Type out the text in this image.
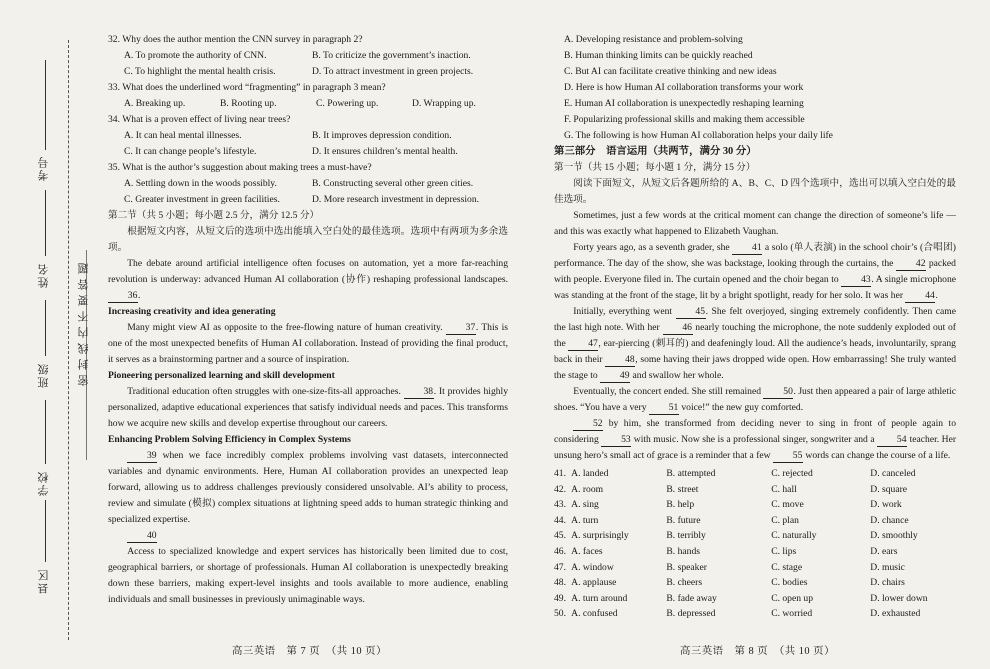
考号
姓名
班级
学校
县区
密封线内不要答题

32. Why does the author mention the CNN survey in paragraph 2?

A. To promote the authority of CNN.	B. To criticize the government’s inaction.
C. To highlight the mental health crisis.	D. To attract investment in green projects.

33. What does the underlined word “fragmenting” in paragraph 3 mean?

A. Breaking up.	B. Rooting up.	C. Powering up.	D. Wrapping up.

34. What is a proven effect of living near trees?

A. It can heal mental illnesses.	B. It improves depression condition.
C. It can change people’s lifestyle.	D. It ensures children’s mental health.

35. What is the author’s suggestion about making trees a must-have?

A. Settling down in the woods possibly.	B. Constructing several other green cities.
C. Greater investment in green facilities.	D. More research investment in depression.

第二节（共 5 小题；每小题 2.5 分，满分 12.5 分）

根据短文内容，从短文后的选项中选出能填入空白处的最佳选项。选项中有两项为多余选项。

The debate around artificial intelligence often focuses on automation, yet a more far-reaching revolution is underway: advanced Human AI collaboration (协作) reshaping professional landscapes. 36.

Increasing creativity and idea generating

Many might view AI as opposite to the free-flowing nature of human creativity. 37. This is one of the most unexpected benefits of Human AI collaboration. Instead of providing the final product, it serves as a brainstorming partner and a source of inspiration.

Pioneering personalized learning and skill development

Traditional education often struggles with one-size-fits-all approaches. 38. It provides highly personalized, adaptive educational experiences that satisfy individual needs and paces. This transforms how we acquire new skills and develop expertise throughout our careers.

Enhancing Problem Solving Efficiency in Complex Systems

39 when we face incredibly complex problems involving vast datasets, interconnected variables and dynamic environments. Here, Human AI collaboration provides an unexpected leap forward, allowing us to address challenges previously considered unsolvable. AI’s ability to process, review and simulate (模拟) complex situations at lightning speed adds to human strategic thinking and specialized expertise.

40

Access to specialized knowledge and expert services has historically been limited due to cost, geographical barriers, or shortage of professionals. Human AI collaboration is unexpectedly breaking down these barriers, making expert-level insights and tools available to more audience, enabling individuals and small businesses in previously unimaginable ways.

高三英语　第 7 页　（共 10 页）

A. Developing resistance and problem-solving

B. Human thinking limits can be quickly reached

C. But AI can facilitate creative thinking and new ideas

D. Here is how Human AI collaboration transforms your work

E. Human AI collaboration is unexpectedly reshaping learning

F. Popularizing professional skills and making them accessible

G. The following is how Human AI collaboration helps your daily life

第三部分　语言运用（共两节，满分 30 分）

第一节（共 15 小题；每小题 1 分，满分 15 分）

阅读下面短文，从短文后各题所给的 A、B、C、D 四个选项中，选出可以填入空白处的最佳选项。

Sometimes, just a few words at the critical moment can change the direction of someone’s life — and this was exactly what happened to Elizabeth Vaughan.

Forty years ago, as a seventh grader, she 41 a solo (单人表演) in the school choir’s (合唱团) performance. The day of the show, she was backstage, looking through the curtains, the 42 packed with people. Everyone filed in. The curtain opened and the choir began to 43. A single microphone was standing at the front of the stage, lit by a bright spotlight, ready for her solo. It was her 44.

Initially, everything went 45. She felt overjoyed, singing extremely confidently. Then came the last high note. With her 46 nearly touching the microphone, the note suddenly exploded out of the 47, ear-piercing (刺耳的) and deafeningly loud. All the audience’s heads, involuntarily, sprang back in their 48, some having their jaws dropped wide open. How embarrassing! She truly wanted the stage to 49 and swallow her whole.

Eventually, the concert ended. She still remained 50. Just then appeared a pair of large athletic shoes. “You have a very 51 voice!” the new guy comforted.

52 by him, she transformed from deciding never to sing in front of people again to considering 53 with music. Now she is a professional singer, songwriter and a 54 teacher. Her unsung hero’s small act of grace is a reminder that a few 55 words can change the course of a life.

41. A. landed	B. attempted	C. rejected	D. canceled
42. A. room	B. street	C. hall	D. square
43. A. sing	B. help	C. move	D. work
44. A. turn	B. future	C. plan	D. chance
45. A. surprisingly	B. terribly	C. naturally	D. smoothly
46. A. faces	B. hands	C. lips	D. ears
47. A. window	B. speaker	C. stage	D. music
48. A. applause	B. cheers	C. bodies	D. chairs
49. A. turn around	B. fade away	C. open up	D. lower down
50. A. confused	B. depressed	C. worried	D. exhausted
高三英语　第 8 页　（共 10 页）
